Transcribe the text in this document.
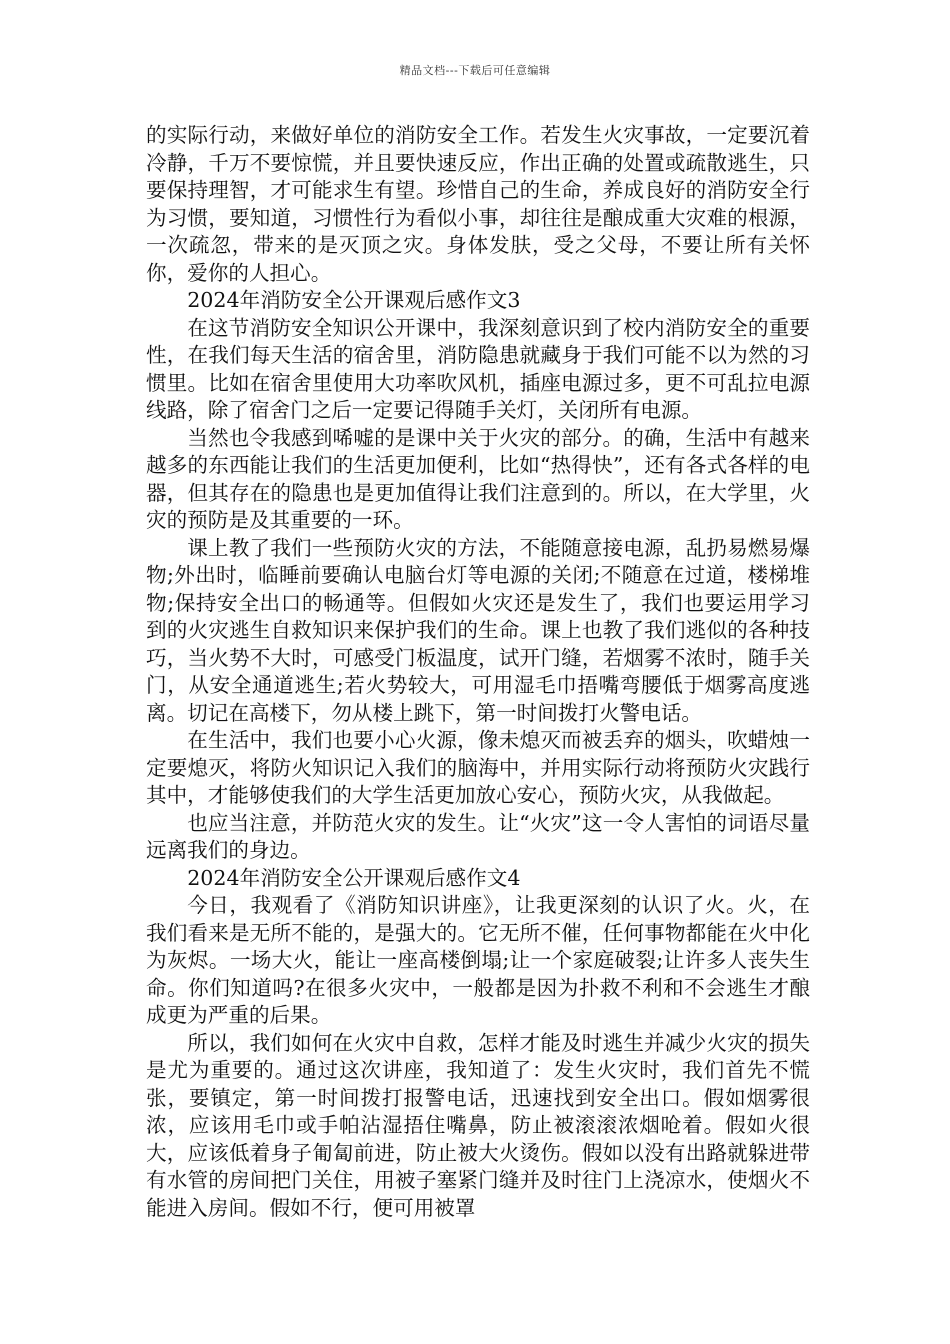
精品文档---下载后可任意编辑

的实际行动，来做好单位的消防安全工作。若发生火灾事故，一定要沉着冷静，千万不要惊慌，并且要快速反应，作出正确的处置或疏散逃生，只要保持理智，才可能求生有望。珍惜自己的生命，养成良好的消防安全行为习惯，要知道，习惯性行为看似小事，却往往是酿成重大灾难的根源，一次疏忽，带来的是灭顶之灾。身体发肤，受之父母，不要让所有关怀你，爱你的人担心。

2024年消防安全公开课观后感作文3

在这节消防安全知识公开课中，我深刻意识到了校内消防安全的重要性，在我们每天生活的宿舍里，消防隐患就藏身于我们可能不以为然的习惯里。比如在宿舍里使用大功率吹风机，插座电源过多，更不可乱拉电源线路，除了宿舍门之后一定要记得随手关灯，关闭所有电源。

当然也令我感到唏嘘的是课中关于火灾的部分。的确，生活中有越来越多的东西能让我们的生活更加便利，比如“热得快”，还有各式各样的电器，但其存在的隐患也是更加值得让我们注意到的。所以，在大学里，火灾的预防是及其重要的一环。

课上教了我们一些预防火灾的方法，不能随意接电源，乱扔易燃易爆物;外出时，临睡前要确认电脑台灯等电源的关闭;不随意在过道，楼梯堆物;保持安全出口的畅通等。但假如火灾还是发生了，我们也要运用学习到的火灾逃生自救知识来保护我们的生命。课上也教了我们逃似的各种技巧，当火势不大时，可感受门板温度，试开门缝，若烟雾不浓时，随手关门，从安全通道逃生;若火势较大，可用湿毛巾捂嘴弯腰低于烟雾高度逃离。切记在高楼下，勿从楼上跳下，第一时间拨打火警电话。

在生活中，我们也要小心火源，像未熄灭而被丢弃的烟头，吹蜡烛一定要熄灭，将防火知识记入我们的脑海中，并用实际行动将预防火灾践行其中，才能够使我们的大学生活更加放心安心，预防火灾，从我做起。

也应当注意，并防范火灾的发生。让“火灾”这一令人害怕的词语尽量远离我们的身边。

2024年消防安全公开课观后感作文4

今日，我观看了《消防知识讲座》，让我更深刻的认识了火。火，在我们看来是无所不能的，是强大的。它无所不催，任何事物都能在火中化为灰烬。一场大火，能让一座高楼倒塌;让一个家庭破裂;让许多人丧失生命。你们知道吗?在很多火灾中，一般都是因为扑救不利和不会逃生才酿成更为严重的后果。

所以，我们如何在火灾中自救，怎样才能及时逃生并减少火灾的损失是尤为重要的。通过这次讲座，我知道了：发生火灾时，我们首先不慌张，要镇定，第一时间拨打报警电话，迅速找到安全出口。假如烟雾很浓，应该用毛巾或手帕沾湿捂住嘴鼻，防止被滚滚浓烟呛着。假如火很大，应该低着身子匍匐前进，防止被大火烫伤。假如以没有出路就躲进带有水管的房间把门关住，用被子塞紧门缝并及时往门上浇凉水，使烟火不能进入房间。假如不行，便可用被罩
